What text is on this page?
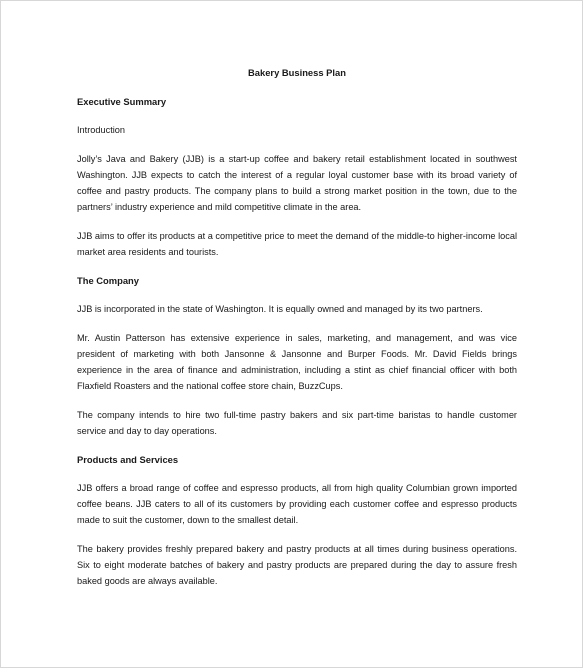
Bakery Business Plan
Executive Summary

Introduction

Jolly’s Java and Bakery (JJB) is a start-up coffee and bakery retail establishment located in southwest Washington. JJB expects to catch the interest of a regular loyal customer base with its broad variety of coffee and pastry products. The company plans to build a strong market position in the town, due to the partners’ industry experience and mild competitive climate in the area.

JJB aims to offer its products at a competitive price to meet the demand of the middle-to higher-income local market area residents and tourists.

The Company

JJB is incorporated in the state of Washington. It is equally owned and managed by its two partners.

Mr. Austin Patterson has extensive experience in sales, marketing, and management, and was vice president of marketing with both Jansonne & Jansonne and Burper Foods. Mr. David Fields brings experience in the area of finance and administration, including a stint as chief financial officer with both Flaxfield Roasters and the national coffee store chain, BuzzCups.

The company intends to hire two full-time pastry bakers and six part-time baristas to handle customer service and day to day operations.

Products and Services

JJB offers a broad range of coffee and espresso products, all from high quality Columbian grown imported coffee beans. JJB caters to all of its customers by providing each customer coffee and espresso products made to suit the customer, down to the smallest detail.

The bakery provides freshly prepared bakery and pastry products at all times during business operations. Six to eight moderate batches of bakery and pastry products are prepared during the day to assure fresh baked goods are always available.
